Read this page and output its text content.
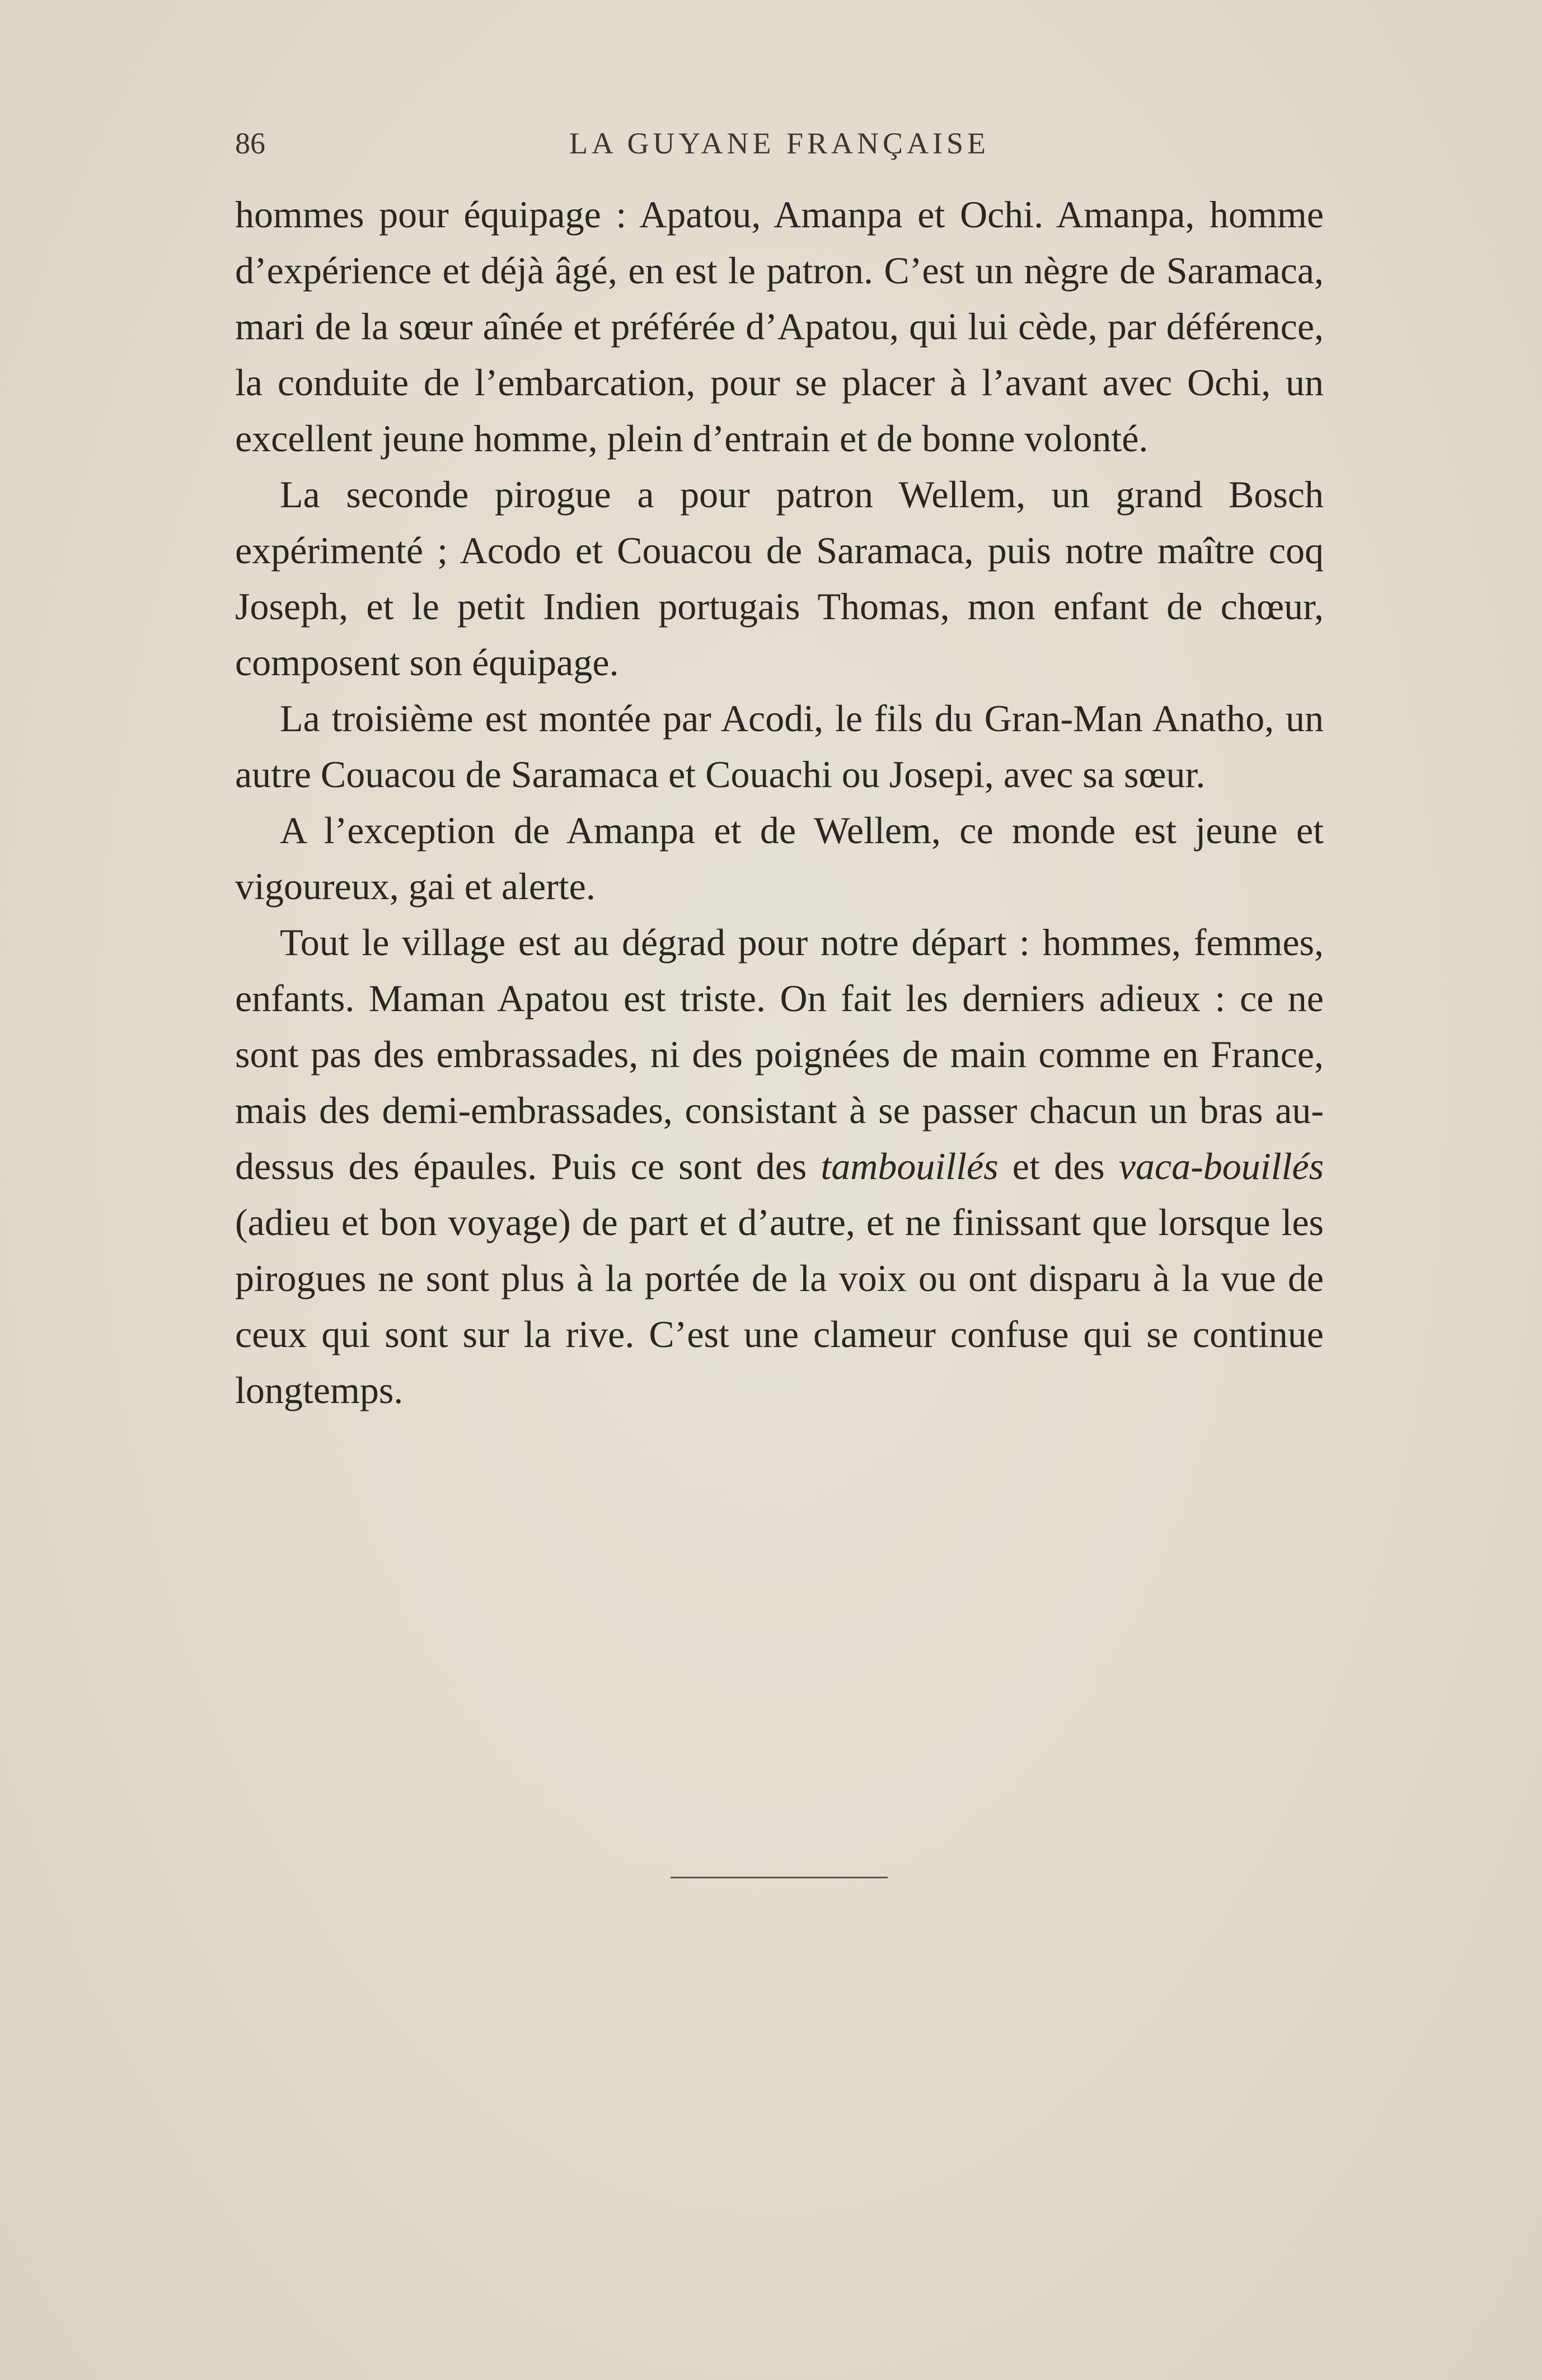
86	LA GUYANE FRANÇAISE

hommes pour équipage : Apatou, Amanpa et Ochi. Amanpa, homme d’expérience et déjà âgé, en est le patron. C’est un nègre de Saramaca, mari de la sœur aînée et préférée d’Apatou, qui lui cède, par déférence, la conduite de l’embarcation, pour se placer à l’avant avec Ochi, un excellent jeune homme, plein d’entrain et de bonne volonté.

La seconde pirogue a pour patron Wellem, un grand Bosch expérimenté ; Acodo et Couacou de Saramaca, puis notre maître coq Joseph, et le petit Indien portugais Thomas, mon enfant de chœur, composent son équipage.

La troisième est montée par Acodi, le fils du Gran-Man Anatho, un autre Couacou de Saramaca et Couachi ou Josepi, avec sa sœur.

A l’exception de Amanpa et de Wellem, ce monde est jeune et vigoureux, gai et alerte.

Tout le village est au dégrad pour notre départ : hommes, femmes, enfants. Maman Apatou est triste. On fait les derniers adieux : ce ne sont pas des embrassades, ni des poignées de main comme en France, mais des demi-embrassades, consistant à se passer chacun un bras au-dessus des épaules. Puis ce sont des tambouillés et des vaca-bouillés (adieu et bon voyage) de part et d’autre, et ne finissant que lorsque les pirogues ne sont plus à la portée de la voix ou ont disparu à la vue de ceux qui sont sur la rive. C’est une clameur confuse qui se continue longtemps.
